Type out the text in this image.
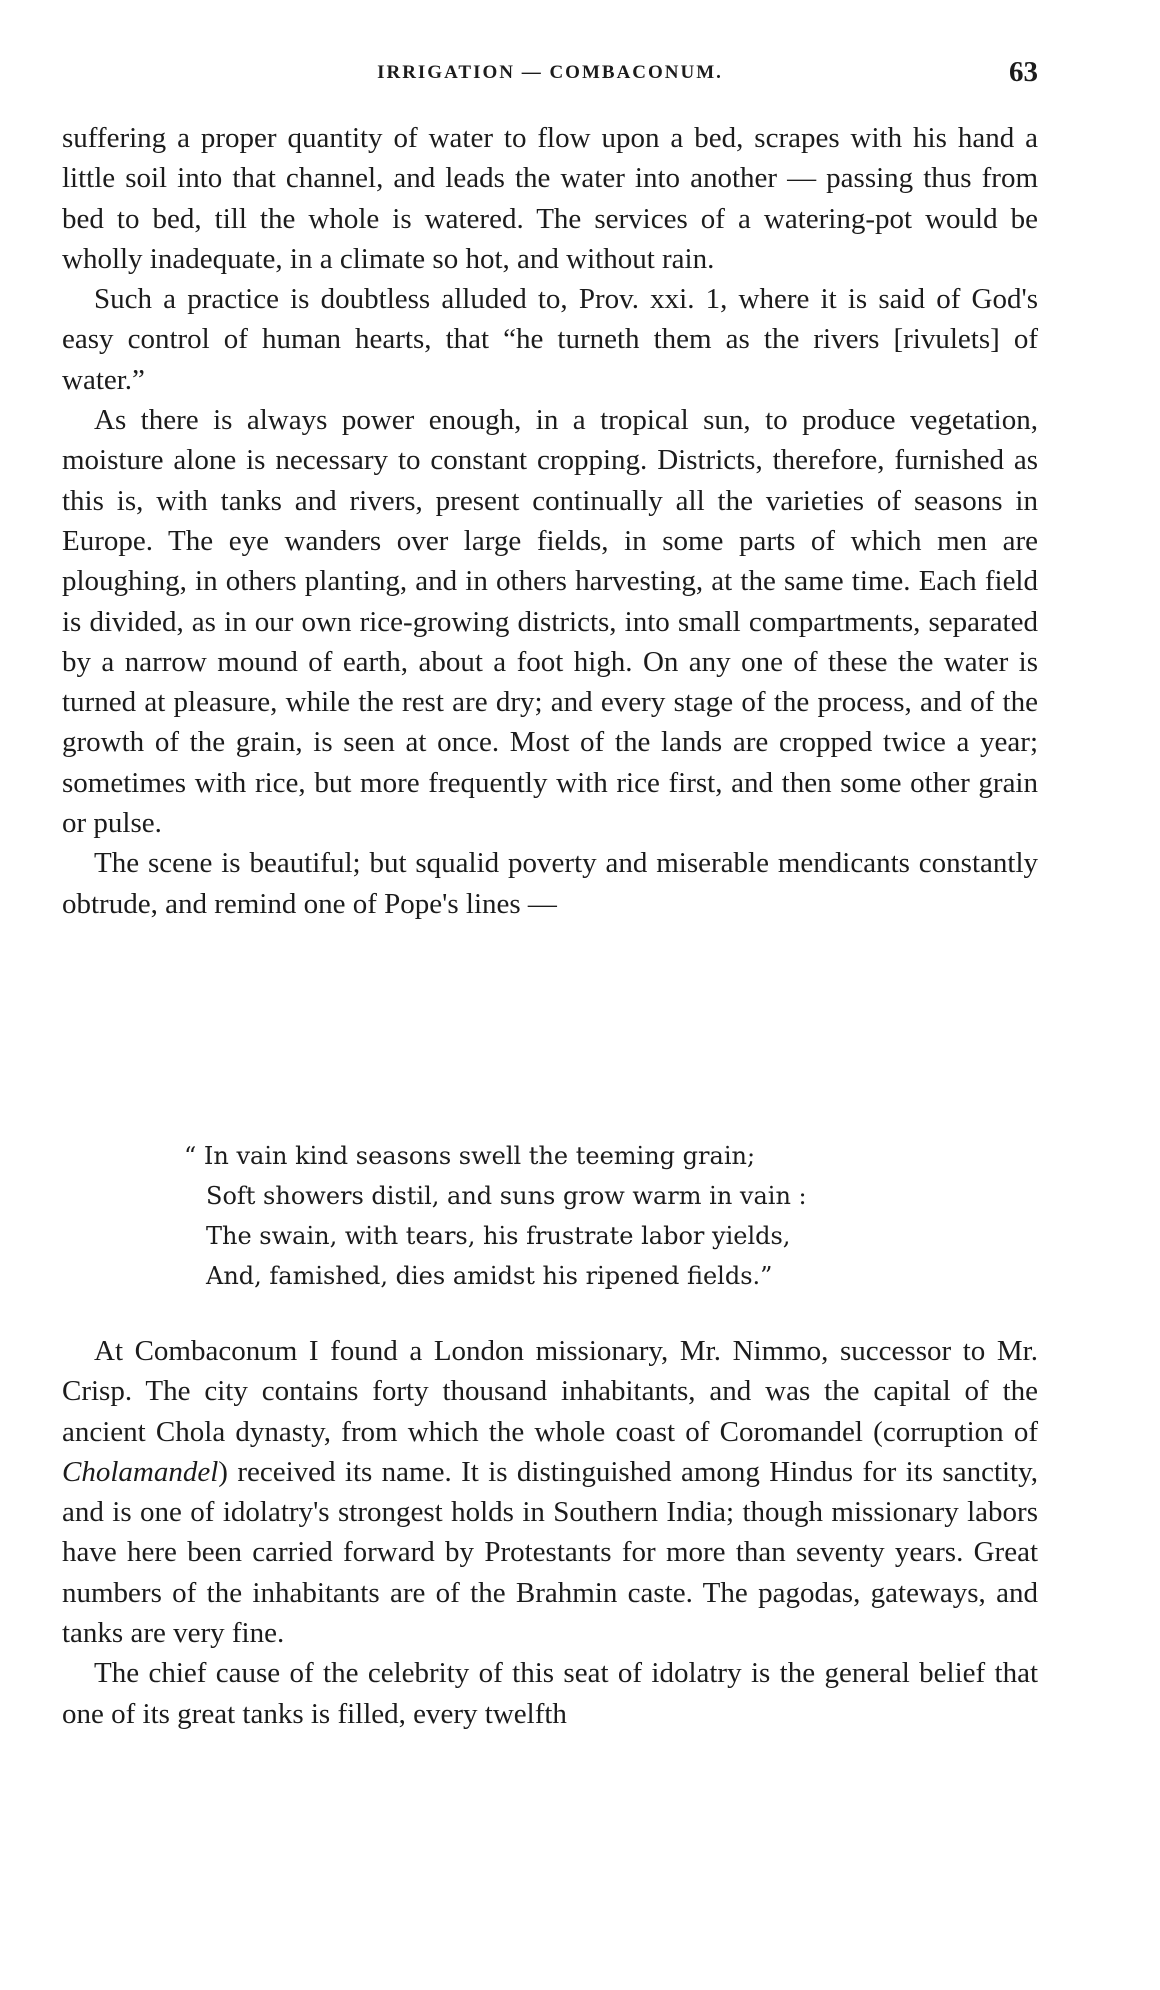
IRRIGATION — COMBACONUM.	63

suffering a proper quantity of water to flow upon a bed, scrapes with his hand a little soil into that channel, and leads the water into another — passing thus from bed to bed, till the whole is watered. The services of a watering-pot would be wholly inadequate, in a climate so hot, and without rain.

Such a practice is doubtless alluded to, Prov. xxi. 1, where it is said of God's easy control of human hearts, that “he turneth them as the rivers [rivulets] of water.”

As there is always power enough, in a tropical sun, to produce vegetation, moisture alone is necessary to constant cropping. Districts, therefore, furnished as this is, with tanks and rivers, present continually all the varieties of seasons in Europe. The eye wanders over large fields, in some parts of which men are ploughing, in others planting, and in others harvesting, at the same time. Each field is divided, as in our own rice-growing districts, into small compartments, separated by a narrow mound of earth, about a foot high. On any one of these the water is turned at pleasure, while the rest are dry; and every stage of the process, and of the growth of the grain, is seen at once. Most of the lands are cropped twice a year; sometimes with rice, but more frequently with rice first, and then some other grain or pulse.

The scene is beautiful; but squalid poverty and miserable mendicants constantly obtrude, and remind one of Pope's lines —

“ In vain kind seasons swell the teeming grain;
Soft showers distil, and suns grow warm in vain :
The swain, with tears, his frustrate labor yields,
And, famished, dies amidst his ripened fields.”

At Combaconum I found a London missionary, Mr. Nimmo, successor to Mr. Crisp. The city contains forty thousand inhabitants, and was the capital of the ancient Chola dynasty, from which the whole coast of Coromandel (corruption of Cholamandel) received its name. It is distinguished among Hindus for its sanctity, and is one of idolatry's strongest holds in Southern India; though missionary labors have here been carried forward by Protestants for more than seventy years. Great numbers of the inhabitants are of the Brahmin caste. The pagodas, gateways, and tanks are very fine.

The chief cause of the celebrity of this seat of idolatry is the general belief that one of its great tanks is filled, every twelfth
